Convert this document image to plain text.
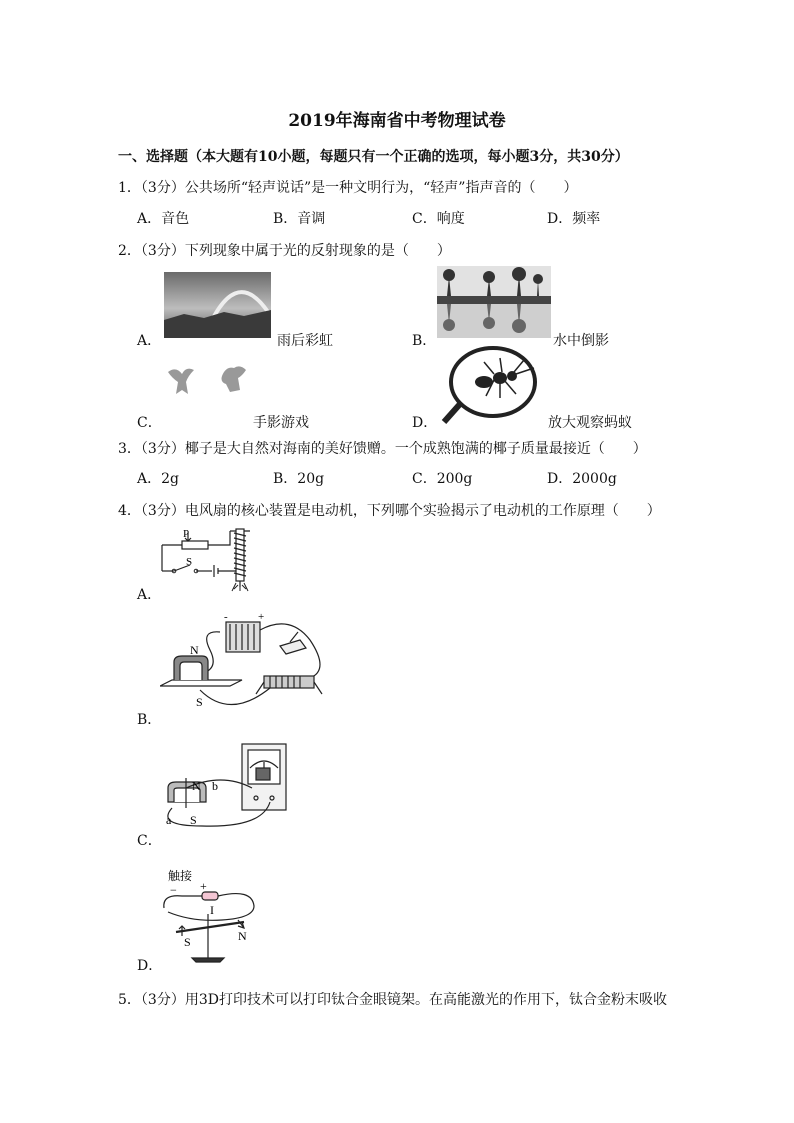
2019年海南省中考物理试卷
一、选择题（本大题有10小题，每题只有一个正确的选项，每小题3分，共30分）
1．（3分）公共场所“轻声说话”是一种文明行为，“轻声”指声音的（　　）
A．音色	B．音调	C．响度	D．频率
2．（3分）下列现象中属于光的反射现象的是（　　）
A．	雨后彩虹	B．	水中倒影
C．	手影游戏	D．	放大观察蚂蚁
3．（3分）椰子是大自然对海南的美好馈赠。一个成熟饱满的椰子质量最接近（　　）
A．2g	B．20g	C．200g	D．2000g
4．（3分）电风扇的核心装置是电动机，下列哪个实验揭示了电动机的工作原理（　　）
P
S
A．
N
S
-	+
B．
N b
a S
C．
触接
− +
I
S	N
D．
5．（3分）用3D打印技术可以打印钛合金眼镜架。在高能激光的作用下，钛合金粉末吸收
